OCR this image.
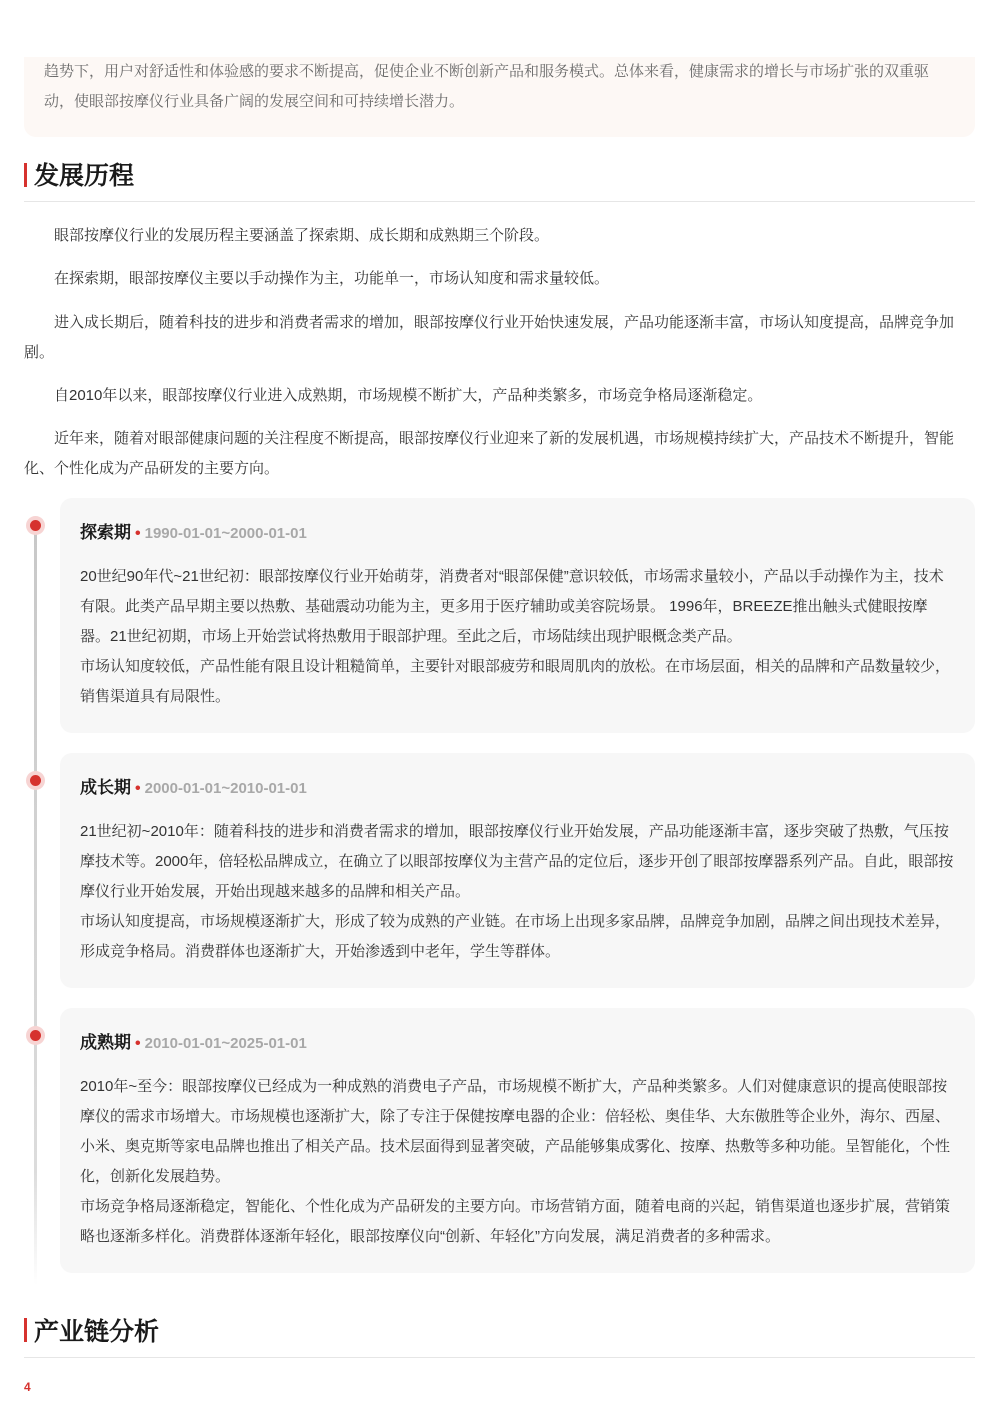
趋势下，用户对舒适性和体验感的要求不断提高，促使企业不断创新产品和服务模式。总体来看，健康需求的增长与市场扩张的双重驱动，使眼部按摩仪行业具备广阔的发展空间和可持续增长潜力。
发展历程
眼部按摩仪行业的发展历程主要涵盖了探索期、成长期和成熟期三个阶段。
在探索期，眼部按摩仪主要以手动操作为主，功能单一，市场认知度和需求量较低。
进入成长期后，随着科技的进步和消费者需求的增加，眼部按摩仪行业开始快速发展，产品功能逐渐丰富，市场认知度提高，品牌竞争加剧。
自2010年以来，眼部按摩仪行业进入成熟期，市场规模不断扩大，产品种类繁多，市场竞争格局逐渐稳定。
近年来，随着对眼部健康问题的关注程度不断提高，眼部按摩仪行业迎来了新的发展机遇，市场规模持续扩大，产品技术不断提升，智能化、个性化成为产品研发的主要方向。
探索期 • 1990-01-01~2000-01-01
20世纪90年代~21世纪初：眼部按摩仪行业开始萌芽，消费者对“眼部保健”意识较低，市场需求量较小，产品以手动操作为主，技术有限。此类产品早期主要以热敷、基础震动功能为主，更多用于医疗辅助或美容院场景。 1996年，BREEZE推出触头式健眼按摩器。21世纪初期，市场上开始尝试将热敷用于眼部护理。至此之后，市场陆续出现护眼概念类产品。
市场认知度较低，产品性能有限且设计粗糙简单，主要针对眼部疲劳和眼周肌肉的放松。在市场层面，相关的品牌和产品数量较少，销售渠道具有局限性。
成长期 • 2000-01-01~2010-01-01
21世纪初~2010年：随着科技的进步和消费者需求的增加，眼部按摩仪行业开始发展，产品功能逐渐丰富，逐步突破了热敷，气压按摩技术等。2000年，倍轻松品牌成立，在确立了以眼部按摩仪为主营产品的定位后，逐步开创了眼部按摩器系列产品。自此，眼部按摩仪行业开始发展，开始出现越来越多的品牌和相关产品。
市场认知度提高，市场规模逐渐扩大，形成了较为成熟的产业链。在市场上出现多家品牌，品牌竞争加剧，品牌之间出现技术差异，形成竞争格局。消费群体也逐渐扩大，开始渗透到中老年，学生等群体。
成熟期 • 2010-01-01~2025-01-01
2010年~至今：眼部按摩仪已经成为一种成熟的消费电子产品，市场规模不断扩大，产品种类繁多。人们对健康意识的提高使眼部按摩仪的需求市场增大。市场规模也逐渐扩大，除了专注于保健按摩电器的企业：倍轻松、奥佳华、大东傲胜等企业外，海尔、西屋、小米、奥克斯等家电品牌也推出了相关产品。技术层面得到显著突破，产品能够集成雾化、按摩、热敷等多种功能。呈智能化，个性化，创新化发展趋势。
市场竞争格局逐渐稳定，智能化、个性化成为产品研发的主要方向。市场营销方面，随着电商的兴起，销售渠道也逐步扩展，营销策略也逐渐多样化。消费群体逐渐年轻化，眼部按摩仪向“创新、年轻化”方向发展，满足消费者的多种需求。
产业链分析
4
